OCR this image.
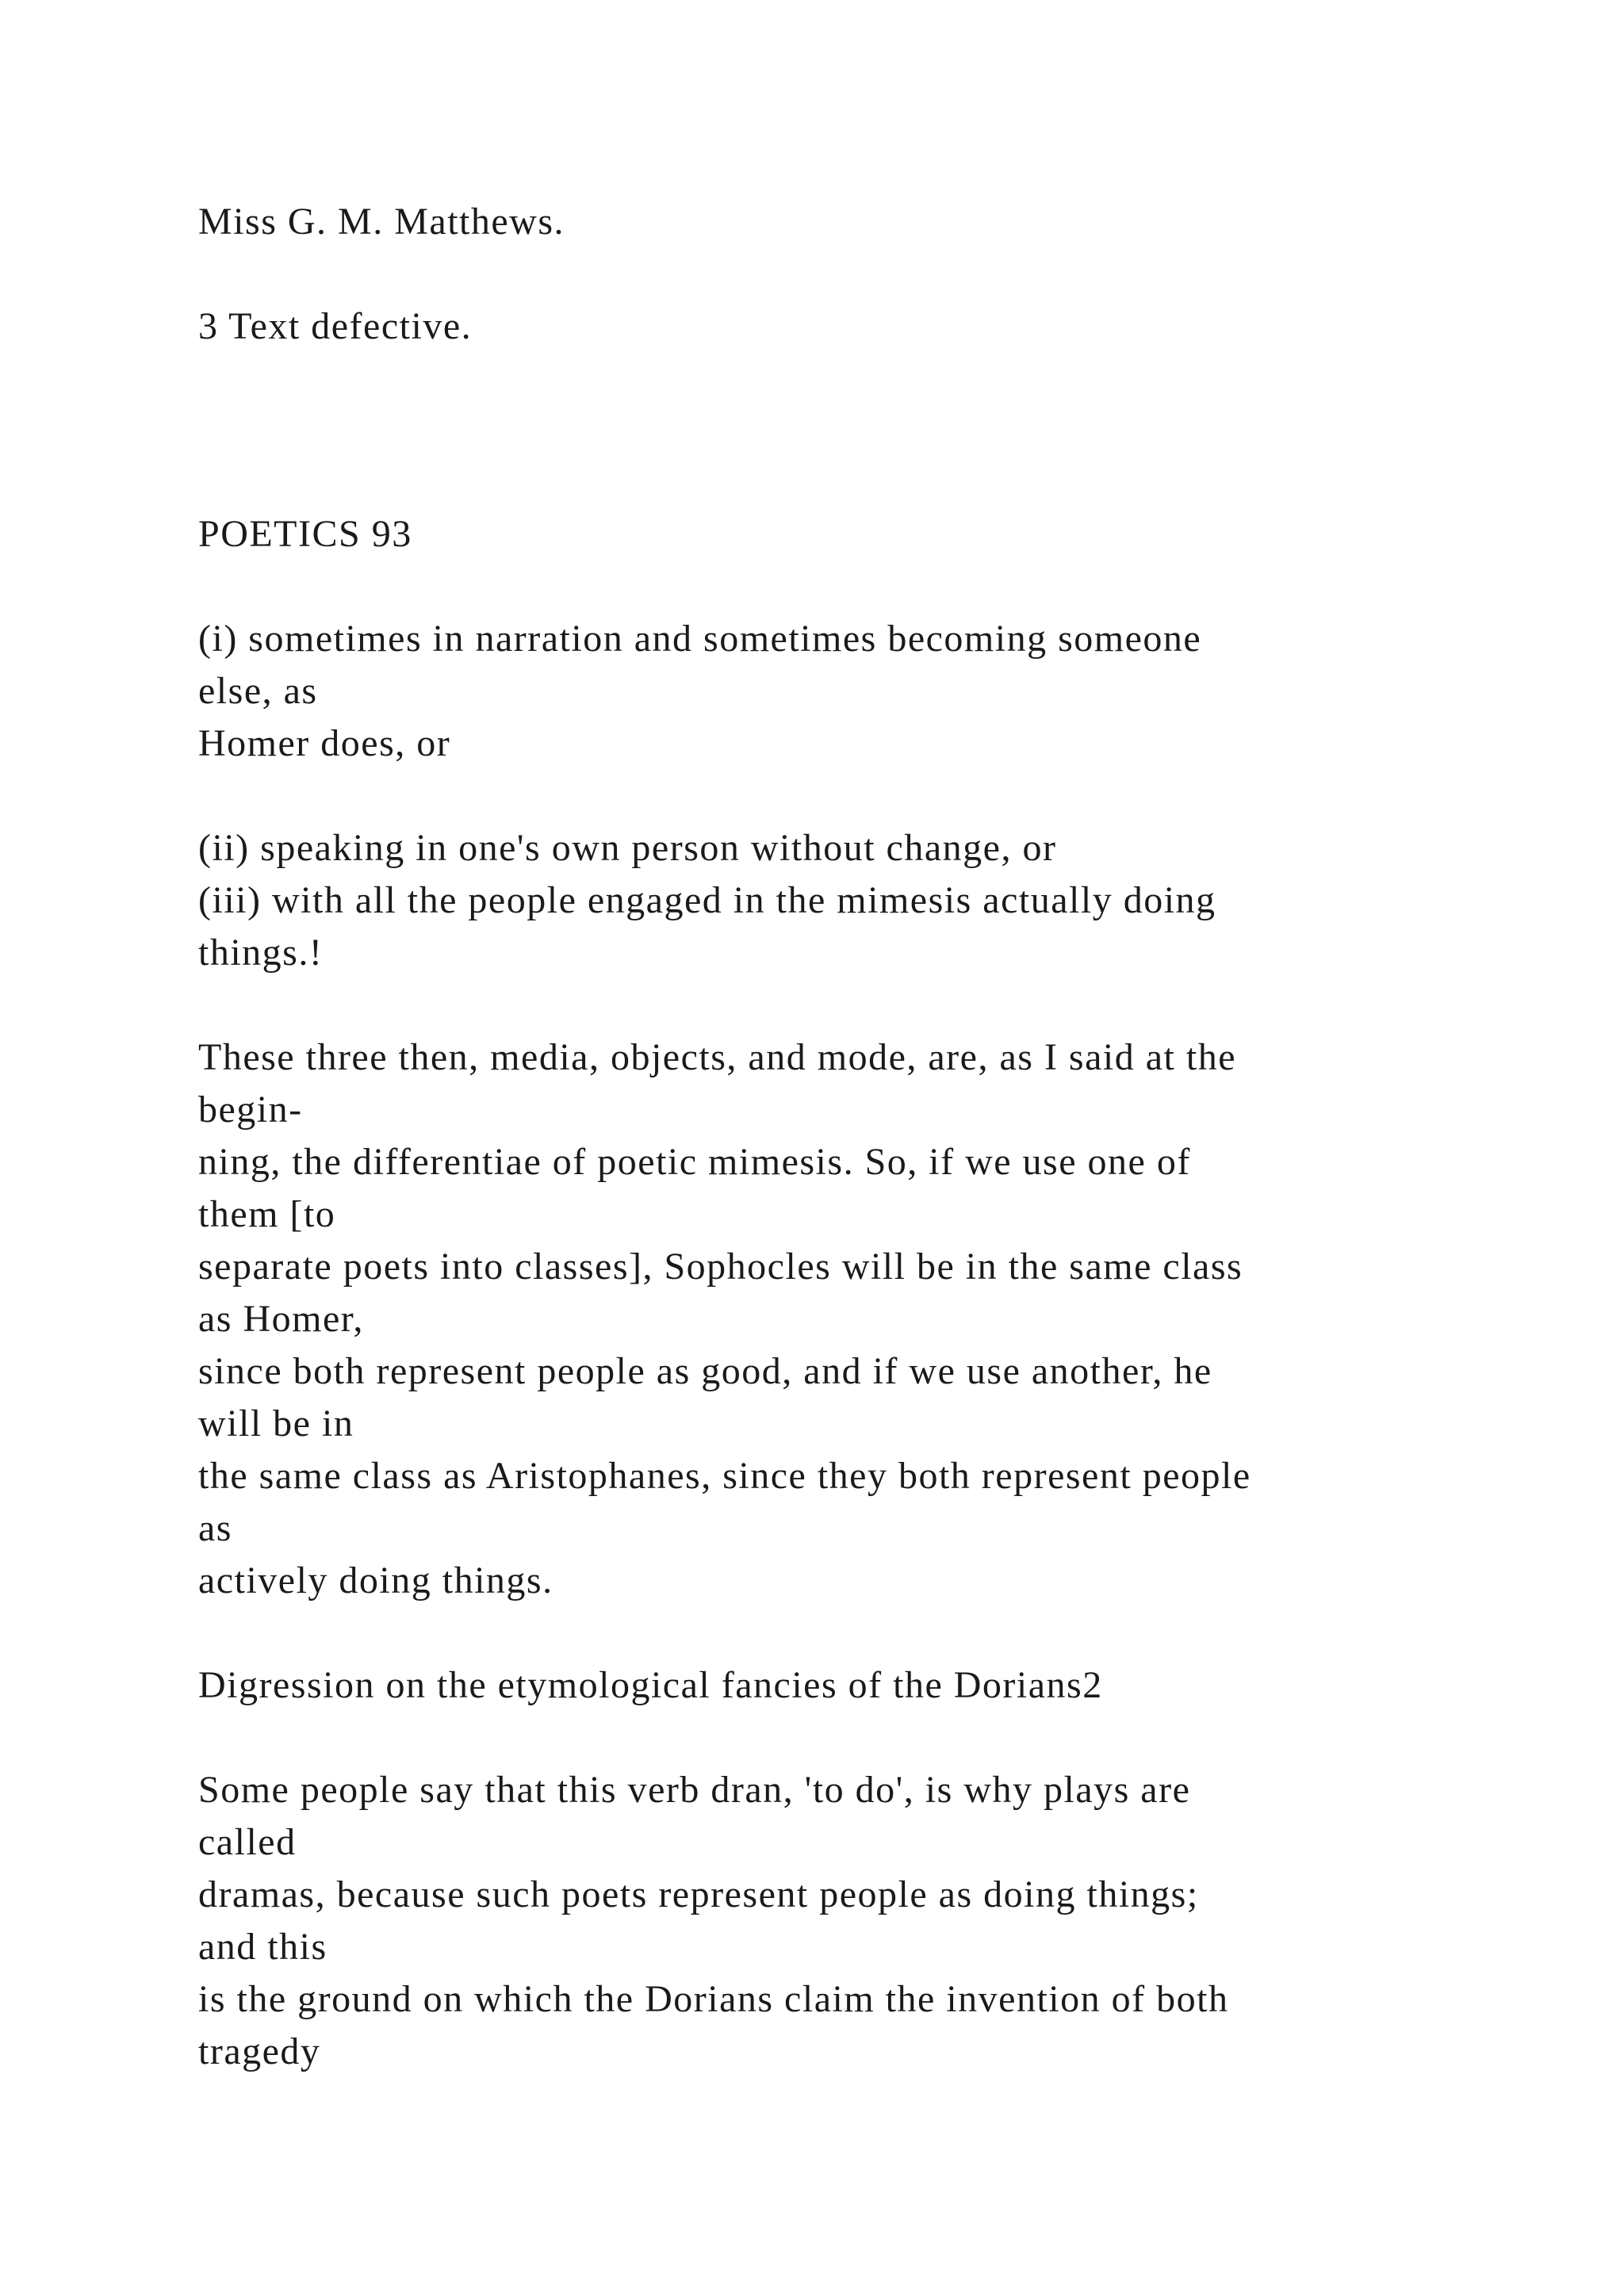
Miss G. M. Matthews.

3 Text defective.

POETICS 93

(i) sometimes in narration and sometimes becoming someone

else, as

Homer does, or

(ii) speaking in one's own person without change, or

(iii) with all the people engaged in the mimesis actually doing

things.!

These three then, media, objects, and mode, are, as I said at the

begin-

ning, the differentiae of poetic mimesis. So, if we use one of

them [to

separate poets into classes], Sophocles will be in the same class

as Homer,

since both represent people as good, and if we use another, he

will be in

the same class as Aristophanes, since they both represent people

as

actively doing things.

Digression on the etymological fancies of the Dorians2

Some people say that this verb dran, 'to do', is why plays are

called

dramas, because such poets represent people as doing things;

and this

is the ground on which the Dorians claim the invention of both

tragedy
